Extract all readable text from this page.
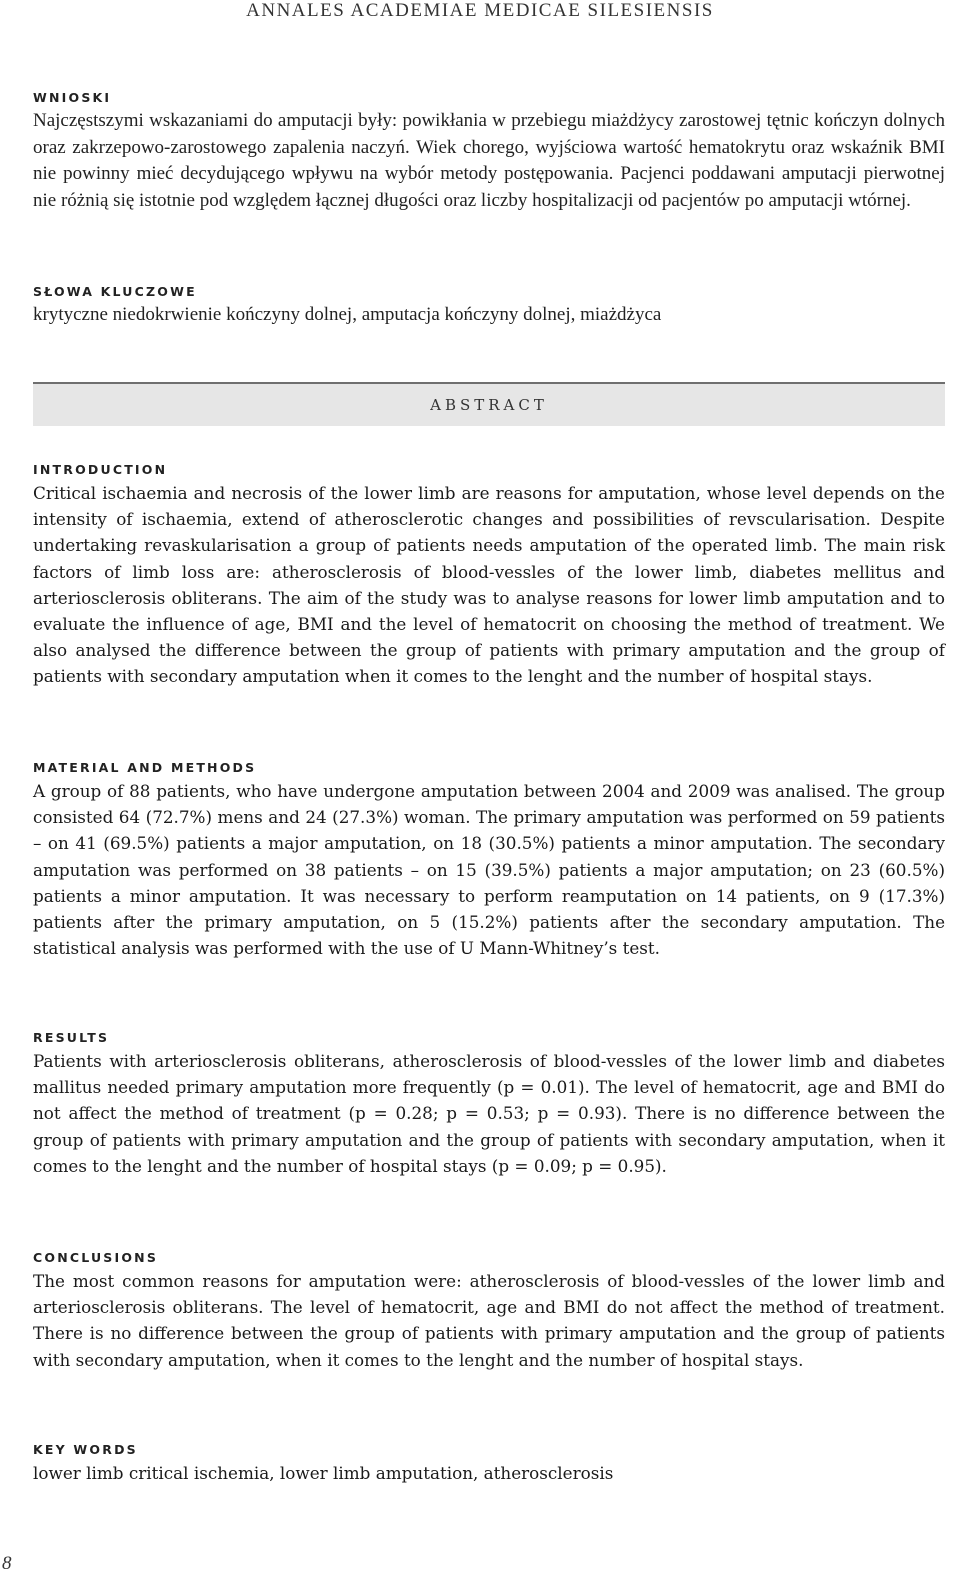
ANNALES ACADEMIAE MEDICAE SILESIENSIS
WNIOSKI

Najczęstszymi wskazaniami do amputacji były: powikłania w przebiegu miażdżycy zarostowej tętnic kończyn dolnych oraz zakrzepowo-zarostowego zapalenia naczyń. Wiek chorego, wyjściowa wartość hematokrytu oraz wskaźnik BMI nie powinny mieć decydującego wpływu na wybór metody postępowania. Pacjenci poddawani amputacji pierwotnej nie różnią się istotnie pod względem łącznej długości oraz liczby hospitalizacji od pacjentów po amputacji wtórnej.

SŁOWA KLUCZOWE

krytyczne niedokrwienie kończyny dolnej, amputacja kończyny dolnej, miażdżyca

ABSTRACT
INTRODUCTION

Critical ischaemia and necrosis of the lower limb are reasons for amputation, whose level depends on the intensity of ischaemia, extend of atherosclerotic changes and possibilities of revscularisation. Despite undertaking revaskularisation a group of patients needs amputation of the operated limb. The main risk factors of limb loss are: atherosclerosis of blood-vessles of the lower limb, diabetes mellitus and arteriosclerosis obliterans. The aim of the study was to analyse reasons for lower limb amputation and to evaluate the influence of age, BMI and the level of hematocrit on choosing the method of treatment. We also analysed the difference between the group of patients with primary amputation and the group of patients with secondary amputation when it comes to the lenght and the number of hospital stays.

MATERIAL AND METHODS

A group of 88 patients, who have undergone amputation between 2004 and 2009 was analised. The group consisted 64 (72.7%) mens and 24 (27.3%) woman. The primary amputation was performed on 59 patients – on 41 (69.5%) patients a major amputation, on 18 (30.5%) patients a minor amputation. The secondary amputation was performed on 38 patients – on 15 (39.5%) patients a major amputation; on 23 (60.5%) patients a minor amputation. It was necessary to perform reamputation on 14 patients, on 9 (17.3%) patients after the primary amputation, on 5 (15.2%) patients after the secondary amputation. The statistical analysis was performed with the use of U Mann-Whitney’s test.

RESULTS

Patients with arteriosclerosis obliterans, atherosclerosis of blood-vessles of the lower limb and diabetes mallitus needed primary amputation more frequently (p = 0.01). The level of hematocrit, age and BMI do not affect the method of treatment (p = 0.28; p = 0.53; p = 0.93). There is no difference between the group of patients with primary amputation and the group of patients with secondary amputation, when it comes to the lenght and the number of hospital stays (p = 0.09; p = 0.95).

CONCLUSIONS

The most common reasons for amputation were: atherosclerosis of blood-vessles of the lower limb and arteriosclerosis obliterans. The level of hematocrit, age and BMI do not affect the method of treatment. There is no difference between the group of patients with primary amputation and the group of patients with secondary amputation, when it comes to the lenght and the number of hospital stays.

KEY WORDS

lower limb critical ischemia, lower limb amputation, atherosclerosis

8
